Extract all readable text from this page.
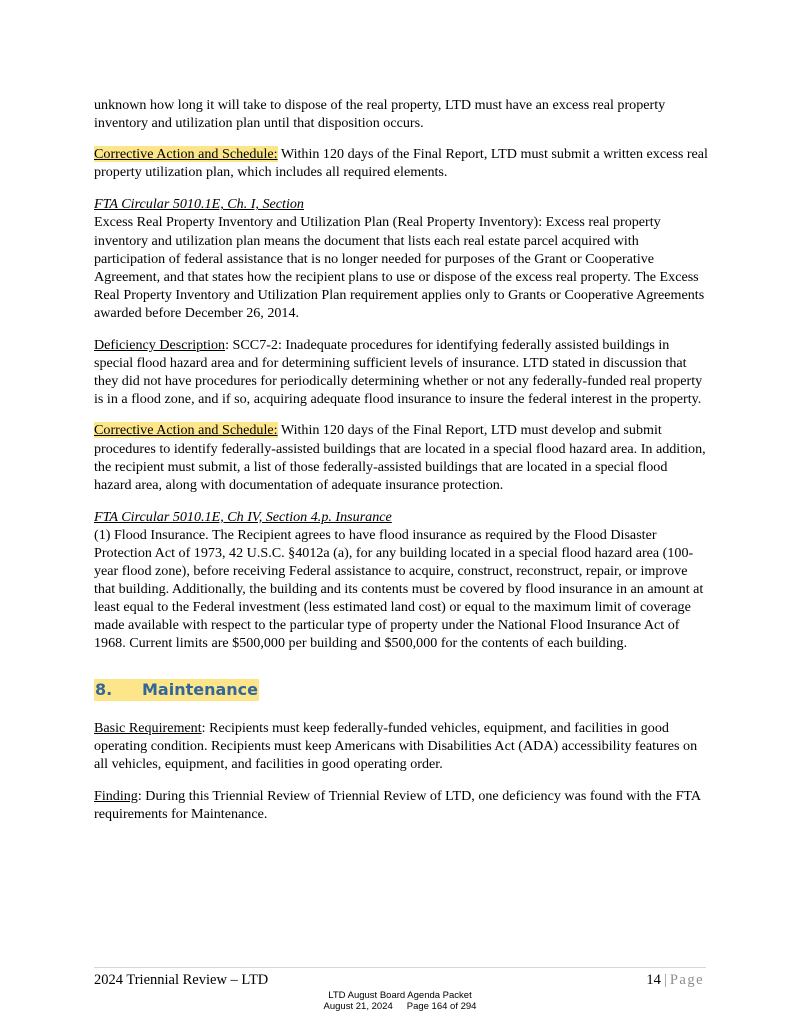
unknown how long it will take to dispose of the real property, LTD must have an excess real property inventory and utilization plan until that disposition occurs.

Corrective Action and Schedule: Within 120 days of the Final Report, LTD must submit a written excess real property utilization plan, which includes all required elements.

FTA Circular 5010.1E, Ch. I, Section

Excess Real Property Inventory and Utilization Plan (Real Property Inventory): Excess real property inventory and utilization plan means the document that lists each real estate parcel acquired with participation of federal assistance that is no longer needed for purposes of the Grant or Cooperative Agreement, and that states how the recipient plans to use or dispose of the excess real property. The Excess Real Property Inventory and Utilization Plan requirement applies only to Grants or Cooperative Agreements awarded before December 26, 2014.

Deficiency Description: SCC7-2: Inadequate procedures for identifying federally assisted buildings in special flood hazard area and for determining sufficient levels of insurance. LTD stated in discussion that they did not have procedures for periodically determining whether or not any federally-funded real property is in a flood zone, and if so, acquiring adequate flood insurance to insure the federal interest in the property.

Corrective Action and Schedule: Within 120 days of the Final Report, LTD must develop and submit procedures to identify federally-assisted buildings that are located in a special flood hazard area. In addition, the recipient must submit, a list of those federally-assisted buildings that are located in a special flood hazard area, along with documentation of adequate insurance protection.

FTA Circular 5010.1E, Ch IV, Section 4.p. Insurance

(1) Flood Insurance. The Recipient agrees to have flood insurance as required by the Flood Disaster Protection Act of 1973, 42 U.S.C. §4012a (a), for any building located in a special flood hazard area (100-year flood zone), before receiving Federal assistance to acquire, construct, reconstruct, repair, or improve that building. Additionally, the building and its contents must be covered by flood insurance in an amount at least equal to the Federal investment (less estimated land cost) or equal to the maximum limit of coverage made available with respect to the particular type of property under the National Flood Insurance Act of 1968. Current limits are $500,000 per building and $500,000 for the contents of each building.

8. Maintenance

Basic Requirement: Recipients must keep federally-funded vehicles, equipment, and facilities in good operating condition. Recipients must keep Americans with Disabilities Act (ADA) accessibility features on all vehicles, equipment, and facilities in good operating order.

Finding: During this Triennial Review of Triennial Review of LTD, one deficiency was found with the FTA requirements for Maintenance.

2024 Triennial Review – LTD	14 | Page
LTD August Board Agenda Packet
August 21, 2024 Page 164 of 294
